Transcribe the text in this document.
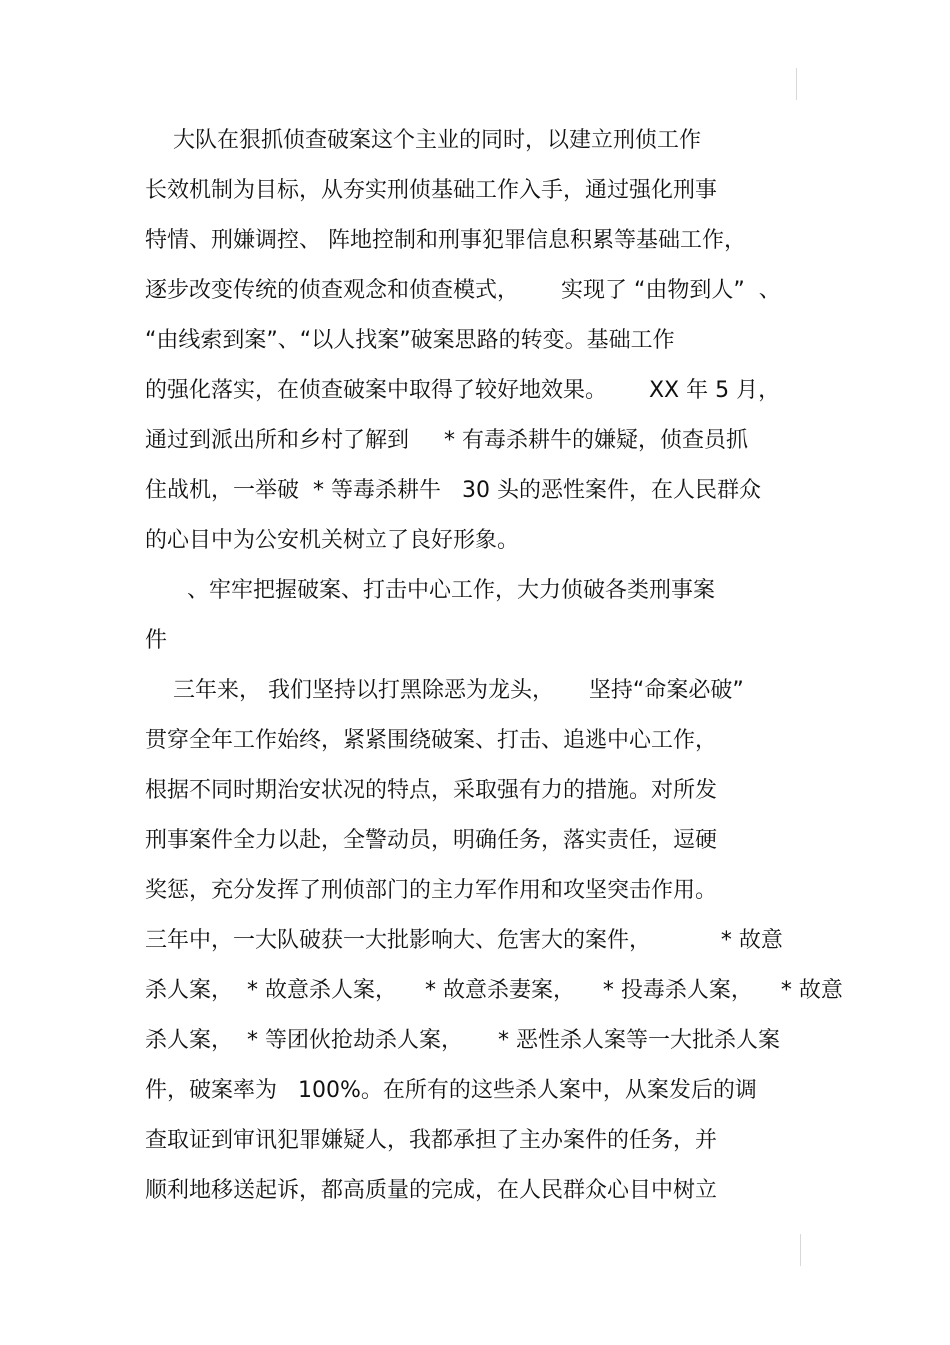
大队在狠抓侦查破案这个主业的同时，以建立刑侦工作
长效机制为目标，从夯实刑侦基础工作入手，通过强化刑事
特情、刑嫌调控、 阵地控制和刑事犯罪信息积累等基础工作，
逐步改变传统的侦查观念和侦查模式，      实现了 “由物到人”  、
“由线索到案”、“以人找案”破案思路的转变。基础工作
的强化落实，在侦查破案中取得了较好地效果。      XX 年 5 月，
通过到派出所和乡村了解到     * 有毒杀耕牛的嫌疑，侦查员抓
住战机，一举破  * 等毒杀耕牛   30 头的恶性案件，在人民群众
的心目中为公安机关树立了良好形象。
、牢牢把握破案、打击中心工作，大力侦破各类刑事案
件
三年来， 我们坚持以打黑除恶为龙头，     坚持“命案必破”
贯穿全年工作始终，紧紧围绕破案、打击、追逃中心工作，
根据不同时期治安状况的特点，采取强有力的措施。对所发
刑事案件全力以赴，全警动员，明确任务，落实责任，逗硬
奖惩，充分发挥了刑侦部门的主力军作用和攻坚突击作用。
三年中，一大队破获一大批影响大、危害大的案件，          * 故意
杀人案，  * 故意杀人案，    * 故意杀妻案，    * 投毒杀人案，    * 故意
杀人案，  * 等团伙抢劫杀人案，     * 恶性杀人案等一大批杀人案
件，破案率为   100%。在所有的这些杀人案中，从案发后的调
查取证到审讯犯罪嫌疑人，我都承担了主办案件的任务，并
顺利地移送起诉，都高质量的完成，在人民群众心目中树立
